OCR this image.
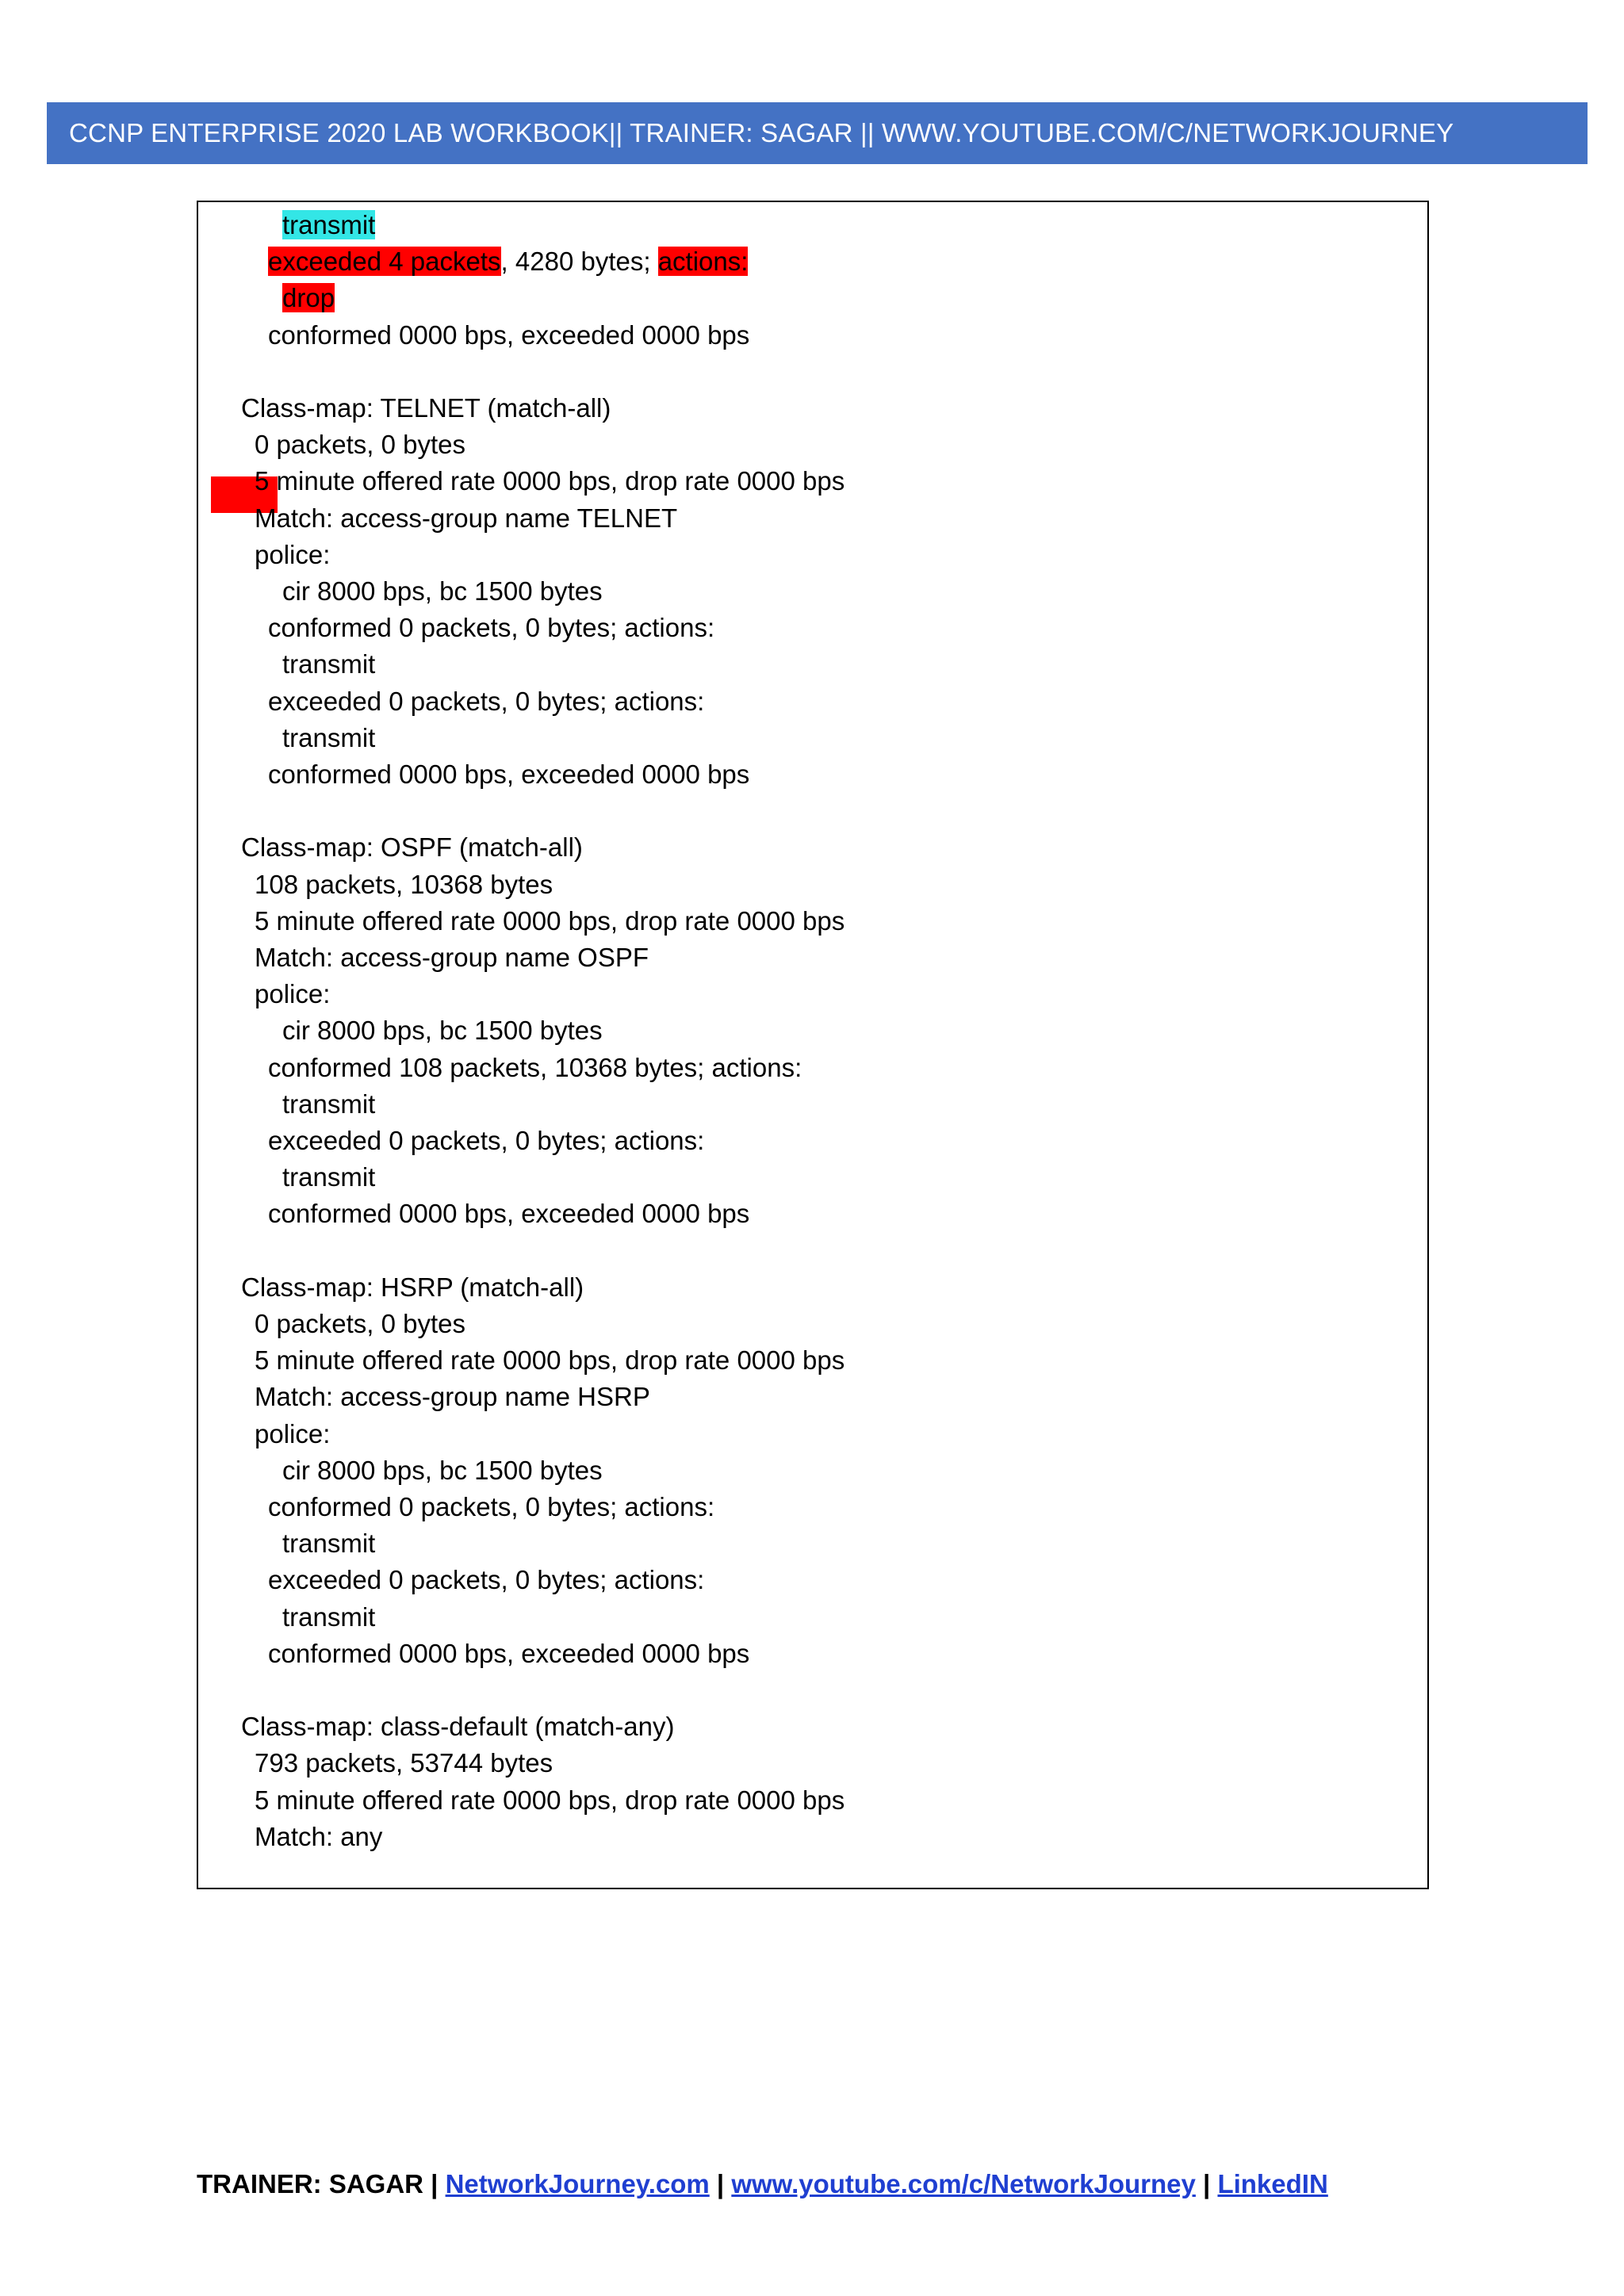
CCNP ENTERPRISE 2020 LAB WORKBOOK|| TRAINER: SAGAR || WWW.YOUTUBE.COM/C/NETWORKJOURNEY
transmit
exceeded 4 packets, 4280 bytes; actions:
drop
conformed 0000 bps, exceeded 0000 bps
Class-map: TELNET (match-all)
0 packets, 0 bytes
5 minute offered rate 0000 bps, drop rate 0000 bps
Match: access-group name TELNET
police:
cir 8000 bps, bc 1500 bytes
conformed 0 packets, 0 bytes; actions:
transmit
exceeded 0 packets, 0 bytes; actions:
transmit
conformed 0000 bps, exceeded 0000 bps
Class-map: OSPF (match-all)
108 packets, 10368 bytes
5 minute offered rate 0000 bps, drop rate 0000 bps
Match: access-group name OSPF
police:
cir 8000 bps, bc 1500 bytes
conformed 108 packets, 10368 bytes; actions:
transmit
exceeded 0 packets, 0 bytes; actions:
transmit
conformed 0000 bps, exceeded 0000 bps
Class-map: HSRP (match-all)
0 packets, 0 bytes
5 minute offered rate 0000 bps, drop rate 0000 bps
Match: access-group name HSRP
police:
cir 8000 bps, bc 1500 bytes
conformed 0 packets, 0 bytes; actions:
transmit
exceeded 0 packets, 0 bytes; actions:
transmit
conformed 0000 bps, exceeded 0000 bps
Class-map: class-default (match-any)
793 packets, 53744 bytes
5 minute offered rate 0000 bps, drop rate 0000 bps
Match: any
TRAINER: SAGAR | NetworkJourney.com | www.youtube.com/c/NetworkJourney | LinkedIN
